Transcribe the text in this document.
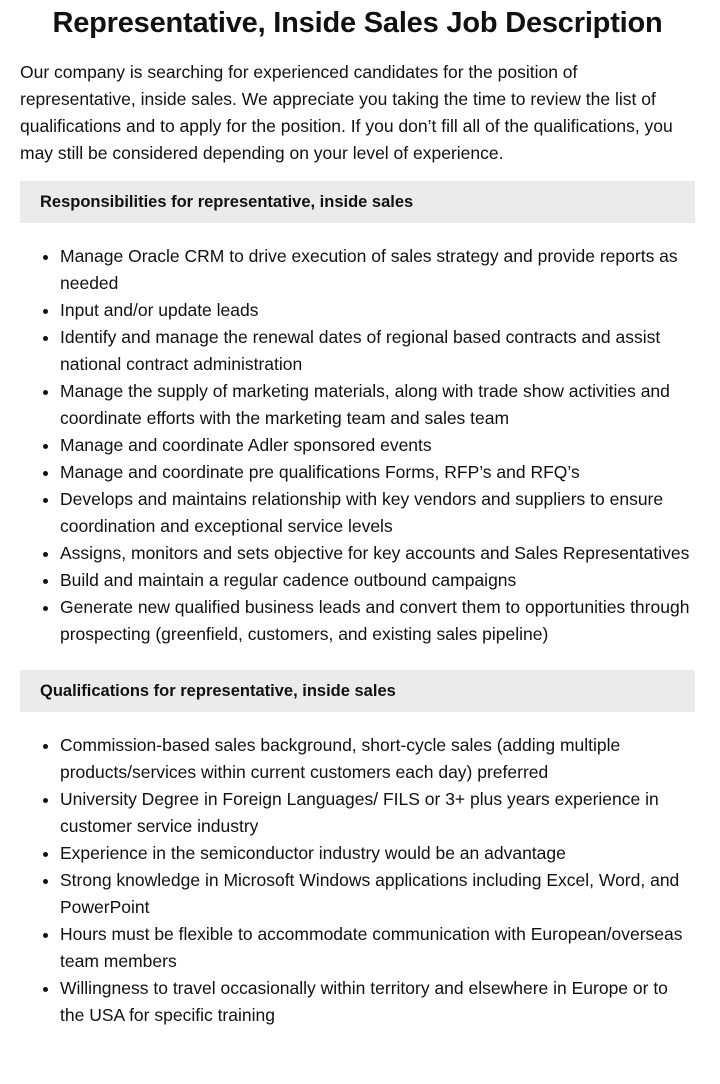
Representative, Inside Sales Job Description

Our company is searching for experienced candidates for the position of representative, inside sales. We appreciate you taking the time to review the list of qualifications and to apply for the position. If you don’t fill all of the qualifications, you may still be considered depending on your level of experience.

Responsibilities for representative, inside sales
• Manage Oracle CRM to drive execution of sales strategy and provide reports as needed
• Input and/or update leads
• Identify and manage the renewal dates of regional based contracts and assist national contract administration
• Manage the supply of marketing materials, along with trade show activities and coordinate efforts with the marketing team and sales team
• Manage and coordinate Adler sponsored events
• Manage and coordinate pre qualifications Forms, RFP’s and RFQ’s
• Develops and maintains relationship with key vendors and suppliers to ensure coordination and exceptional service levels
• Assigns, monitors and sets objective for key accounts and Sales Representatives
• Build and maintain a regular cadence outbound campaigns
• Generate new qualified business leads and convert them to opportunities through prospecting (greenfield, customers, and existing sales pipeline)
Qualifications for representative, inside sales
• Commission-based sales background, short-cycle sales (adding multiple products/services within current customers each day) preferred
• University Degree in Foreign Languages/ FILS or 3+ plus years experience in customer service industry
• Experience in the semiconductor industry would be an advantage
• Strong knowledge in Microsoft Windows applications including Excel, Word, and PowerPoint
• Hours must be flexible to accommodate communication with European/overseas team members
• Willingness to travel occasionally within territory and elsewhere in Europe or to the USA for specific training
